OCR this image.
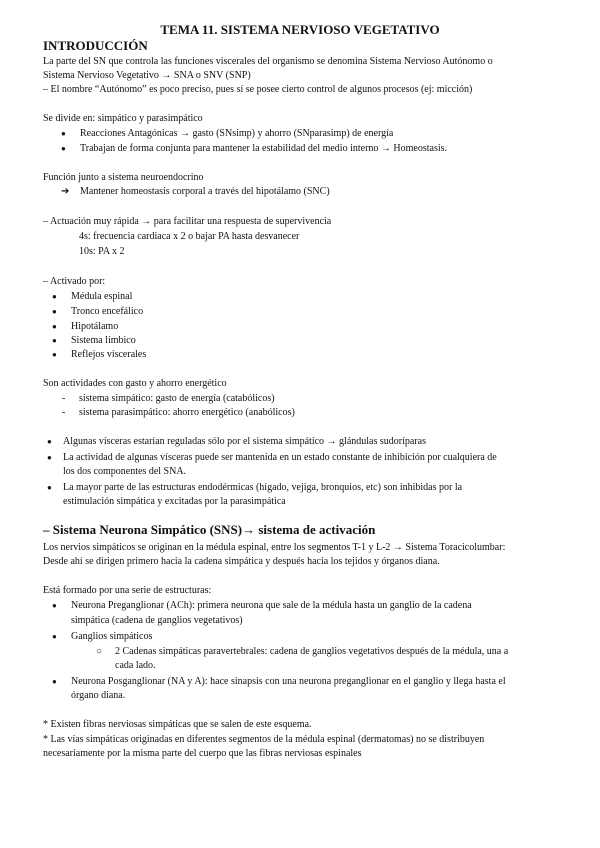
TEMA 11. SISTEMA NERVIOSO VEGETATIVO
INTRODUCCIÓN
La parte del SN que controla las funciones viscerales del organismo se denomina Sistema Nervioso Autónomo o
Sistema Nervioso Vegetativo → SNA o SNV (SNP)
– El nombre “Autónomo” es poco preciso, pues sí se posee cierto control de algunos procesos (ej: micción)
Se divide en: simpático y parasimpático
● Reacciones Antagónicas → gasto (SNsimp) y ahorro (SNparasimp) de energía
● Trabajan de forma conjunta para mantener la estabilidad del medio interno → Homeostasis.
Función junto a sistema neuroendocrino
➔ Mantener homeostasis corporal a través del hipotálamo (SNC)
– Actuación muy rápida → para facilitar una respuesta de supervivencia
4s: frecuencia cardiaca x 2 o bajar PA hasta desvanecer
10s: PA x 2
– Activado por:
● Médula espinal
● Tronco encefálico
● Hipotálamo
● Sistema límbico
● Reflejos viscerales
Son actividades con gasto y ahorro energético
- sistema simpático: gasto de energía (catabólicos)
- sistema parasimpático: ahorro energético (anabólicos)
● Algunas vísceras estarían reguladas sólo por el sistema simpático → glándulas sudoríparas
● La actividad de algunas vísceras puede ser mantenida en un estado constante de inhibición por cualquiera de
los dos componentes del SNA.
● La mayor parte de las estructuras endodérmicas (hígado, vejiga, bronquios, etc) son inhibidas por la
estimulación simpática y excitadas por la parasimpática
– Sistema Neurona Simpático (SNS)→ sistema de activación
Los nervios simpáticos se originan en la médula espinal, entre los segmentos T-1 y L-2 → Sistema Toracicolumbar:
Desde ahí se dirigen primero hacia la cadena simpática y después hacia los tejidos y órganos diana.
Está formado por una serie de estructuras:
● Neurona Preganglionar (ACh): primera neurona que sale de la médula hasta un ganglio de la cadena
simpática (cadena de ganglios vegetativos)
● Ganglios simpáticos
○ 2 Cadenas simpáticas paravertebrales: cadena de ganglios vegetativos después de la médula, una a
cada lado.
● Neurona Posganglionar (NA y A): hace sinapsis con una neurona preganglionar en el ganglio y llega hasta el
órgano diana.
* Existen fibras nerviosas simpáticas que se salen de este esquema.
* Las vías simpáticas originadas en diferentes segmentos de la médula espinal (dermatomas) no se distribuyen
necesariamente por la misma parte del cuerpo que las fibras nerviosas espinales
